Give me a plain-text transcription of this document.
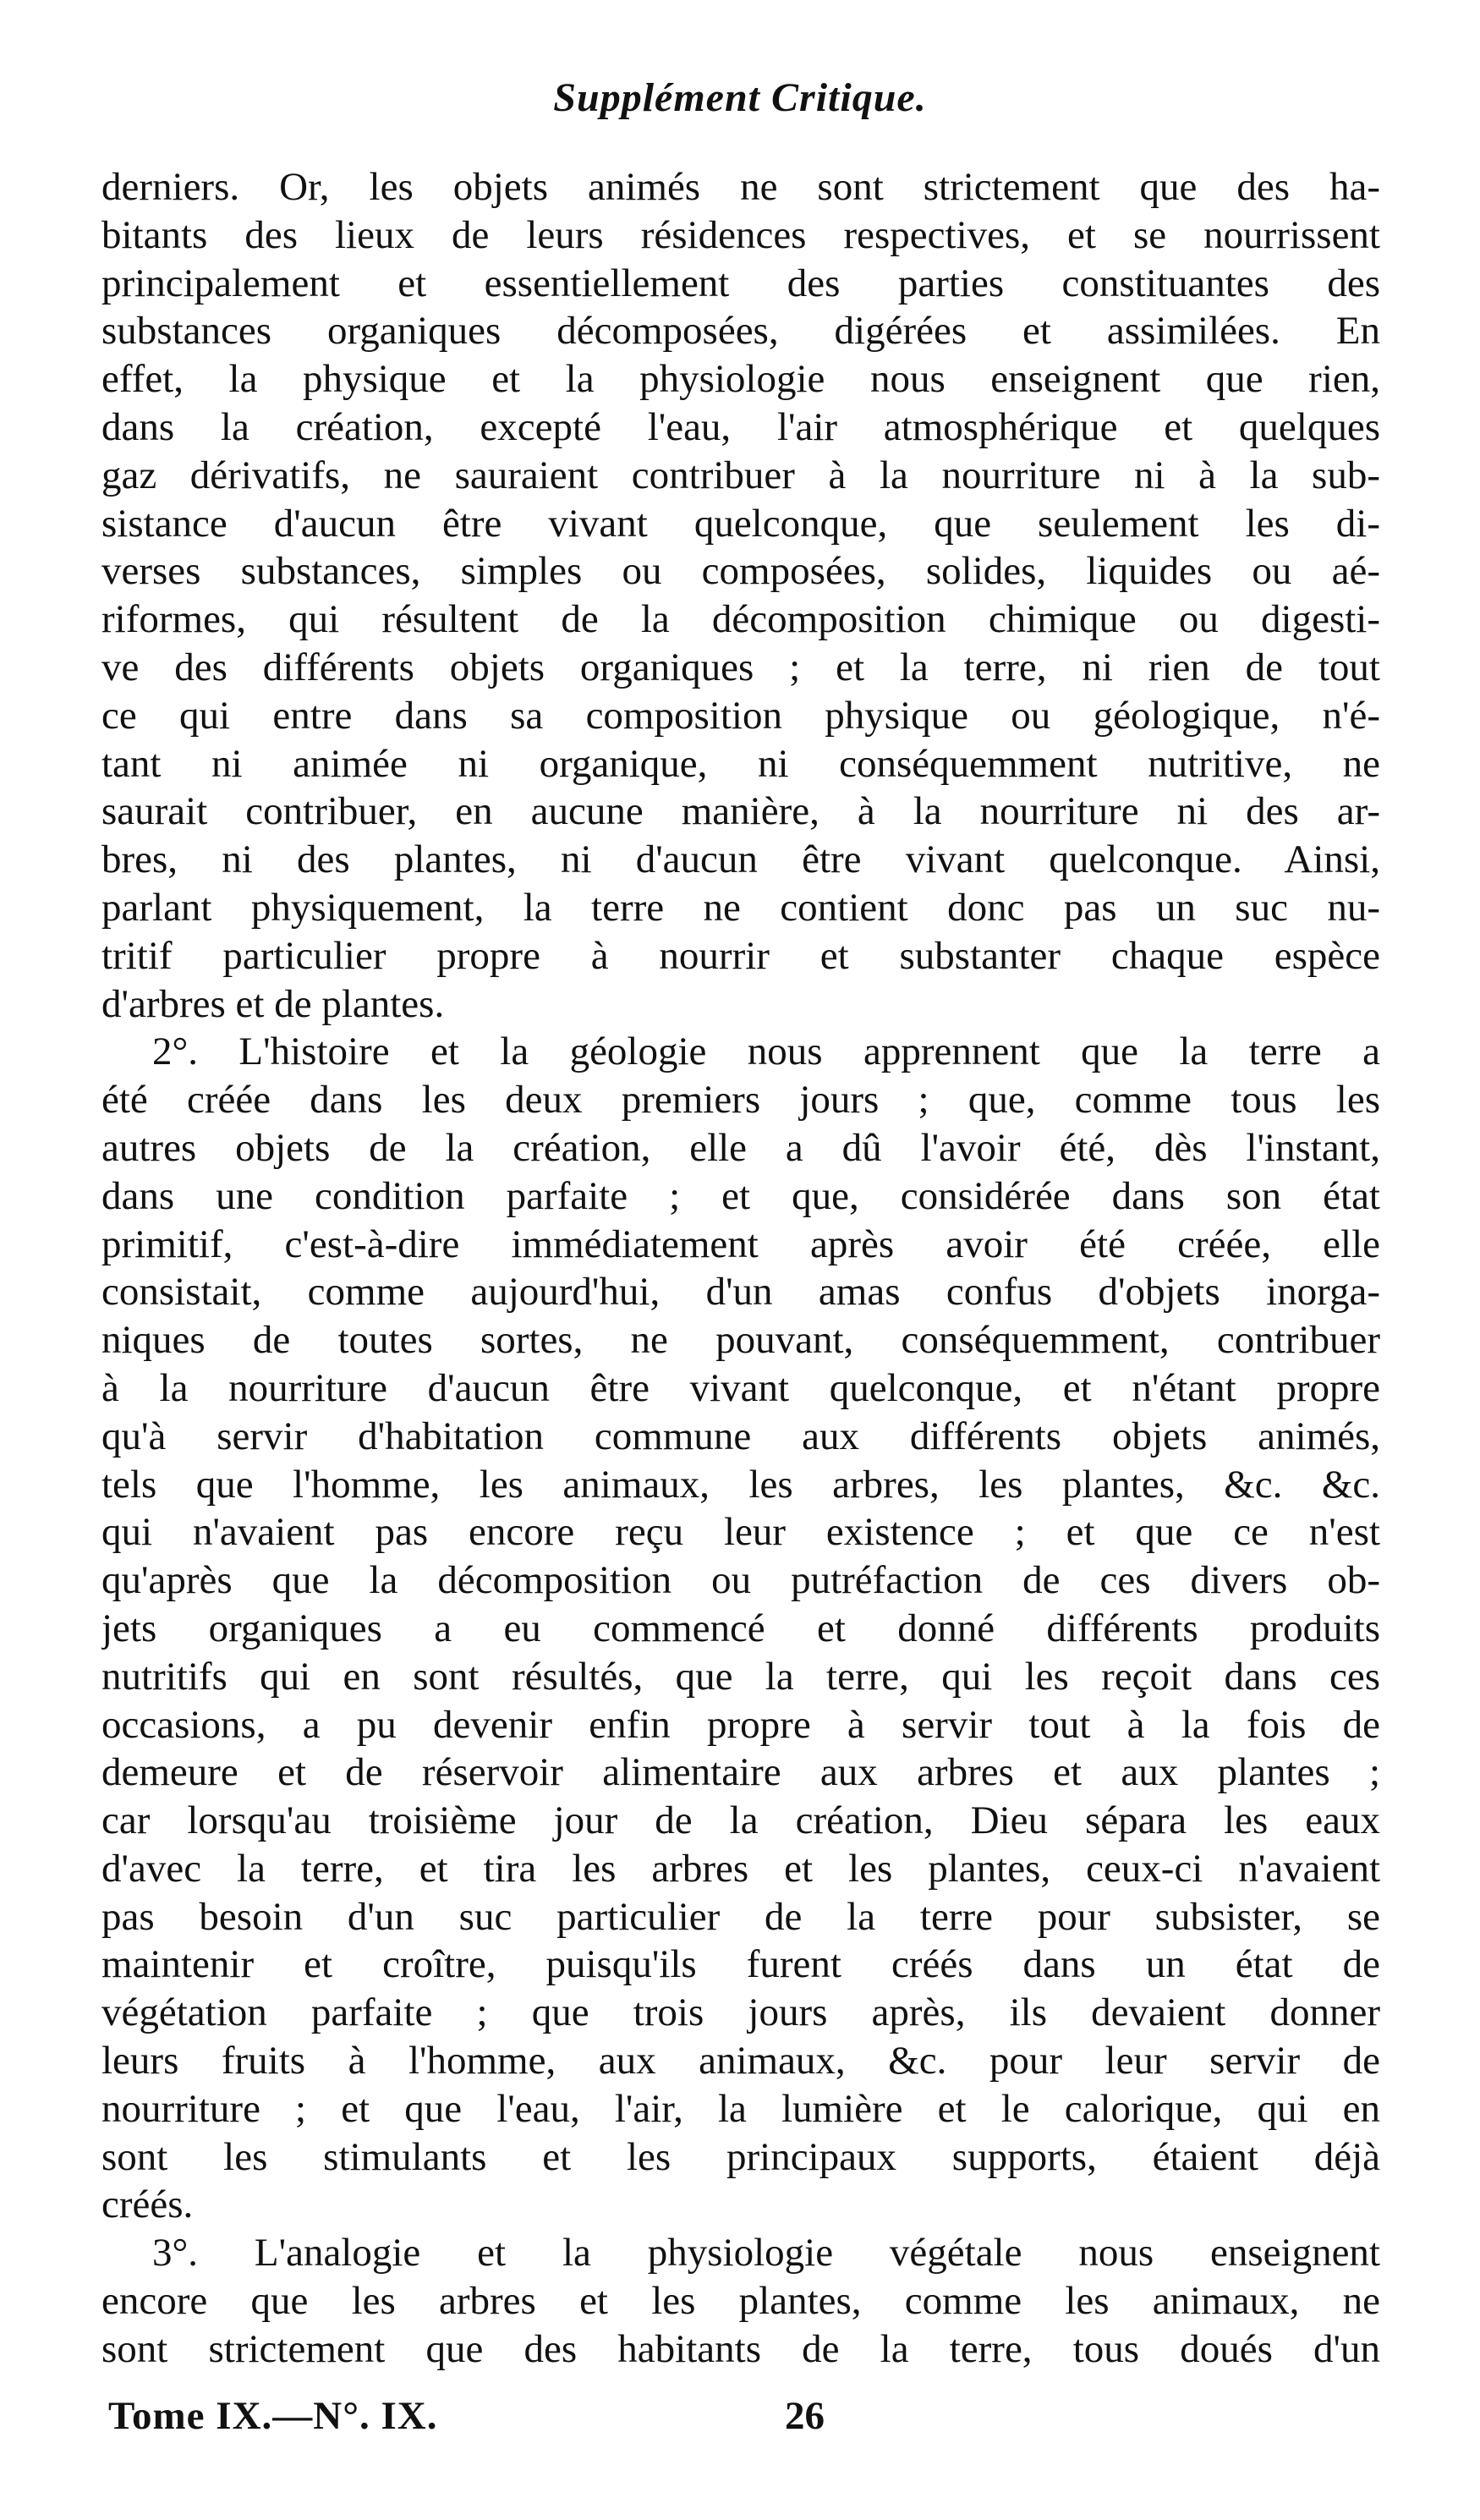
Supplément Critique.
derniers. Or, les objets animés ne sont strictement que des ha-
bitants des lieux de leurs résidences respectives, et se nourrissent
principalement et essentiellement des parties constituantes des
substances organiques décomposées, digérées et assimilées. En
effet, la physique et la physiologie nous enseignent que rien,
dans la création, excepté l'eau, l'air atmosphérique et quelques
gaz dérivatifs, ne sauraient contribuer à la nourriture ni à la sub-
sistance d'aucun être vivant quelconque, que seulement les di-
verses substances, simples ou composées, solides, liquides ou aé-
riformes, qui résultent de la décomposition chimique ou digesti-
ve des différents objets organiques ; et la terre, ni rien de tout
ce qui entre dans sa composition physique ou géologique, n'é-
tant ni animée ni organique, ni conséquemment nutritive, ne
saurait contribuer, en aucune manière, à la nourriture ni des ar-
bres, ni des plantes, ni d'aucun être vivant quelconque. Ainsi,
parlant physiquement, la terre ne contient donc pas un suc nu-
tritif particulier propre à nourrir et substanter chaque espèce
d'arbres et de plantes.
2°. L'histoire et la géologie nous apprennent que la terre a
été créée dans les deux premiers jours ; que, comme tous les
autres objets de la création, elle a dû l'avoir été, dès l'instant,
dans une condition parfaite ; et que, considérée dans son état
primitif, c'est-à-dire immédiatement après avoir été créée, elle
consistait, comme aujourd'hui, d'un amas confus d'objets inorga-
niques de toutes sortes, ne pouvant, conséquemment, contribuer
à la nourriture d'aucun être vivant quelconque, et n'étant propre
qu'à servir d'habitation commune aux différents objets animés,
tels que l'homme, les animaux, les arbres, les plantes, &c. &c.
qui n'avaient pas encore reçu leur existence ; et que ce n'est
qu'après que la décomposition ou putréfaction de ces divers ob-
jets organiques a eu commencé et donné différents produits
nutritifs qui en sont résultés, que la terre, qui les reçoit dans ces
occasions, a pu devenir enfin propre à servir tout à la fois de
demeure et de réservoir alimentaire aux arbres et aux plantes ;
car lorsqu'au troisième jour de la création, Dieu sépara les eaux
d'avec la terre, et tira les arbres et les plantes, ceux-ci n'avaient
pas besoin d'un suc particulier de la terre pour subsister, se
maintenir et croître, puisqu'ils furent créés dans un état de
végétation parfaite ; que trois jours après, ils devaient donner
leurs fruits à l'homme, aux animaux, &c. pour leur servir de
nourriture ; et que l'eau, l'air, la lumière et le calorique, qui en
sont les stimulants et les principaux supports, étaient déjà
créés.
3°. L'analogie et la physiologie végétale nous enseignent
encore que les arbres et les plantes, comme les animaux, ne
sont strictement que des habitants de la terre, tous doués d'un
Tome IX.—N°. IX.	26
